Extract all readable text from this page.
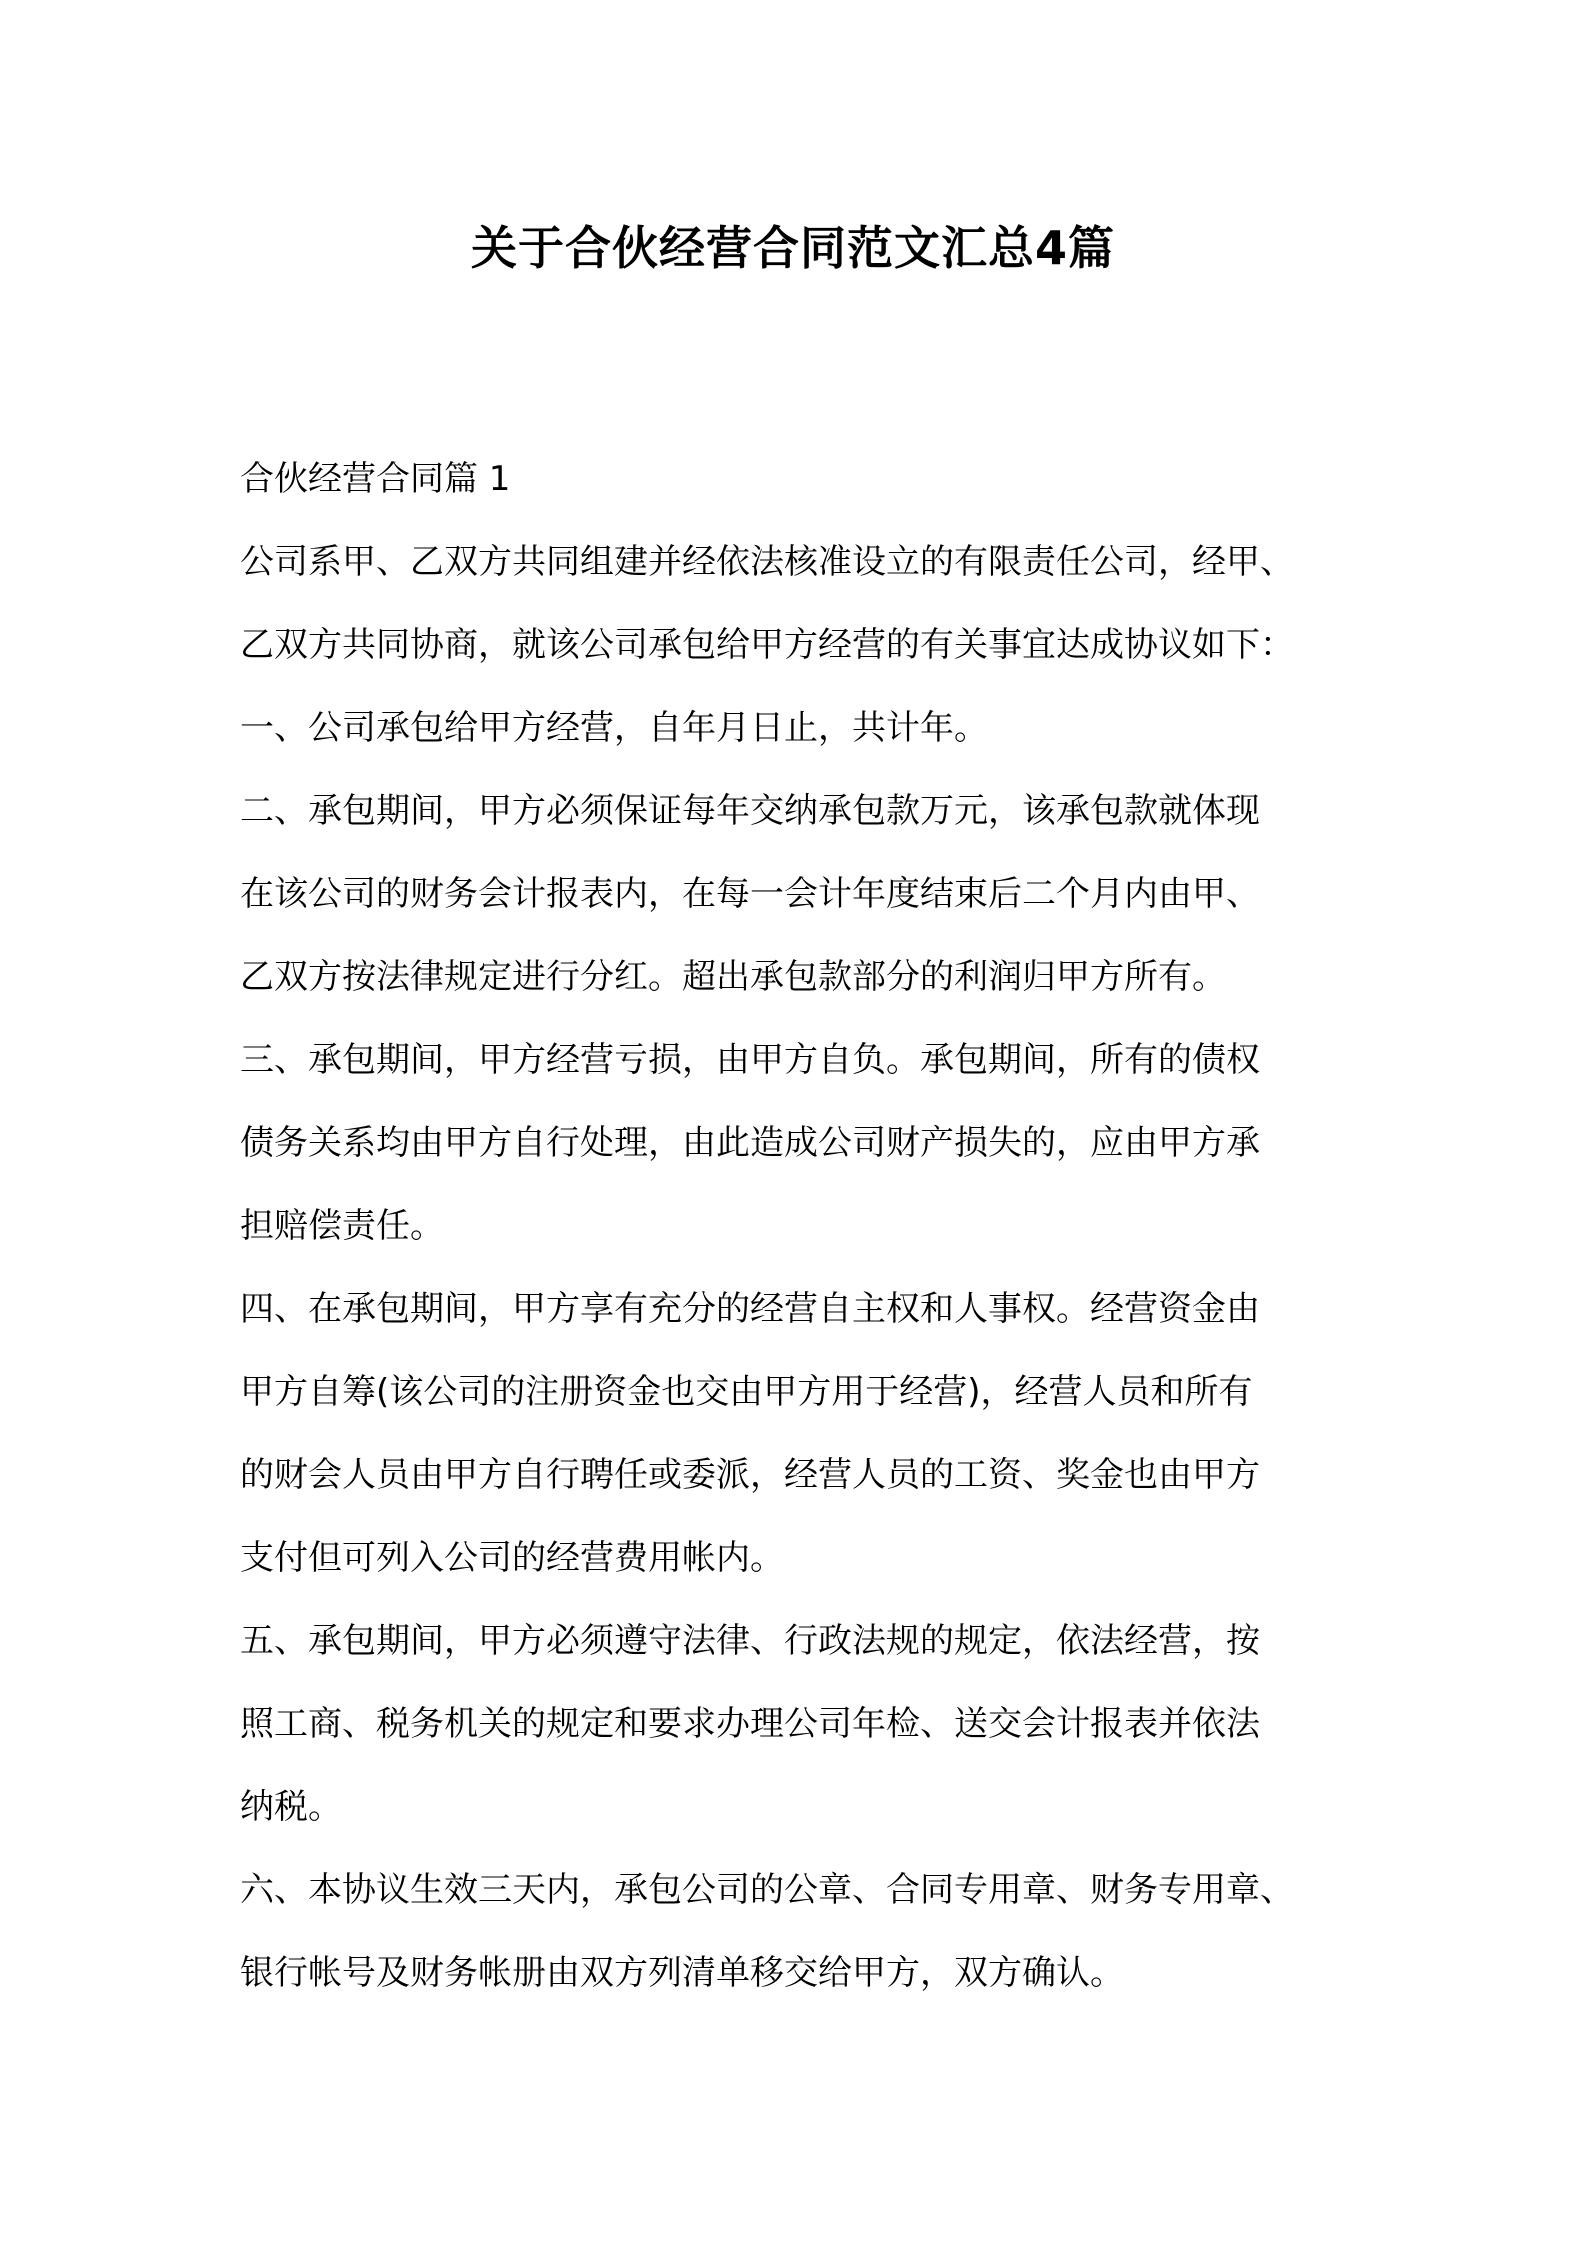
关于合伙经营合同范文汇总4篇

合伙经营合同篇 1

公司系甲、乙双方共同组建并经依法核准设立的有限责任公司，经甲、

乙双方共同协商，就该公司承包给甲方经营的有关事宜达成协议如下：

一、公司承包给甲方经营，自年月日止，共计年。

二、承包期间，甲方必须保证每年交纳承包款万元，该承包款就体现

在该公司的财务会计报表内，在每一会计年度结束后二个月内由甲、

乙双方按法律规定进行分红。超出承包款部分的利润归甲方所有。

三、承包期间，甲方经营亏损，由甲方自负。承包期间，所有的债权

债务关系均由甲方自行处理，由此造成公司财产损失的，应由甲方承

担赔偿责任。

四、在承包期间，甲方享有充分的经营自主权和人事权。经营资金由

甲方自筹(该公司的注册资金也交由甲方用于经营)，经营人员和所有

的财会人员由甲方自行聘任或委派，经营人员的工资、奖金也由甲方

支付但可列入公司的经营费用帐内。

五、承包期间，甲方必须遵守法律、行政法规的规定，依法经营，按

照工商、税务机关的规定和要求办理公司年检、送交会计报表并依法

纳税。

六、本协议生效三天内，承包公司的公章、合同专用章、财务专用章、

银行帐号及财务帐册由双方列清单移交给甲方，双方确认。
